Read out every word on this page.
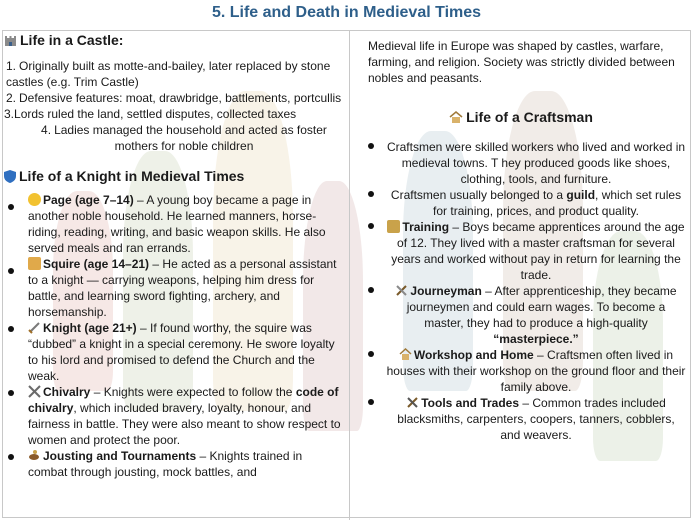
5. Life and Death in Medieval Times
Life in a Castle:
1. Originally built as motte-and-bailey, later replaced by stone castles (e.g. Trim Castle)
2. Defensive features: moat, drawbridge, battlements, portcullis
3.Lords ruled the land, settled disputes, collected taxes
4. Ladies managed the household and acted as foster mothers for noble children
Life of a Knight in Medieval Times
Page (age 7–14) – A young boy became a page in another noble household. He learned manners, horse-riding, reading, writing, and basic weapon skills. He also served meals and ran errands.
Squire (age 14–21) – He acted as a personal assistant to a knight — carrying weapons, helping him dress for battle, and learning sword fighting, archery, and horsemanship.
Knight (age 21+) – If found worthy, the squire was “dubbed” a knight in a special ceremony. He swore loyalty to his lord and promised to defend the Church and the weak.
Chivalry – Knights were expected to follow the code of chivalry, which included bravery, loyalty, honour, and fairness in battle. They were also meant to show respect to women and protect the poor.
Jousting and Tournaments – Knights trained in combat through jousting, mock battles, and
Medieval life in Europe was shaped by castles, warfare, farming, and religion. Society was strictly divided between nobles and peasants.
Life of a Craftsman
Craftsmen were skilled workers who lived and worked in medieval towns. T hey produced goods like shoes, clothing, tools, and furniture.
Craftsmen usually belonged to a guild, which set rules for training, prices, and product quality.
Training – Boys became apprentices around the age of 12. They lived with a master craftsman for several years and worked without pay in return for learning the trade.
Journeyman – After apprenticeship, they became journeymen and could earn wages. To become a master, they had to produce a high-quality “masterpiece.”
Workshop and Home – Craftsmen often lived in houses with their workshop on the ground floor and their family above.
Tools and Trades – Common trades included blacksmiths, carpenters, coopers, tanners, cobblers, and weavers.
